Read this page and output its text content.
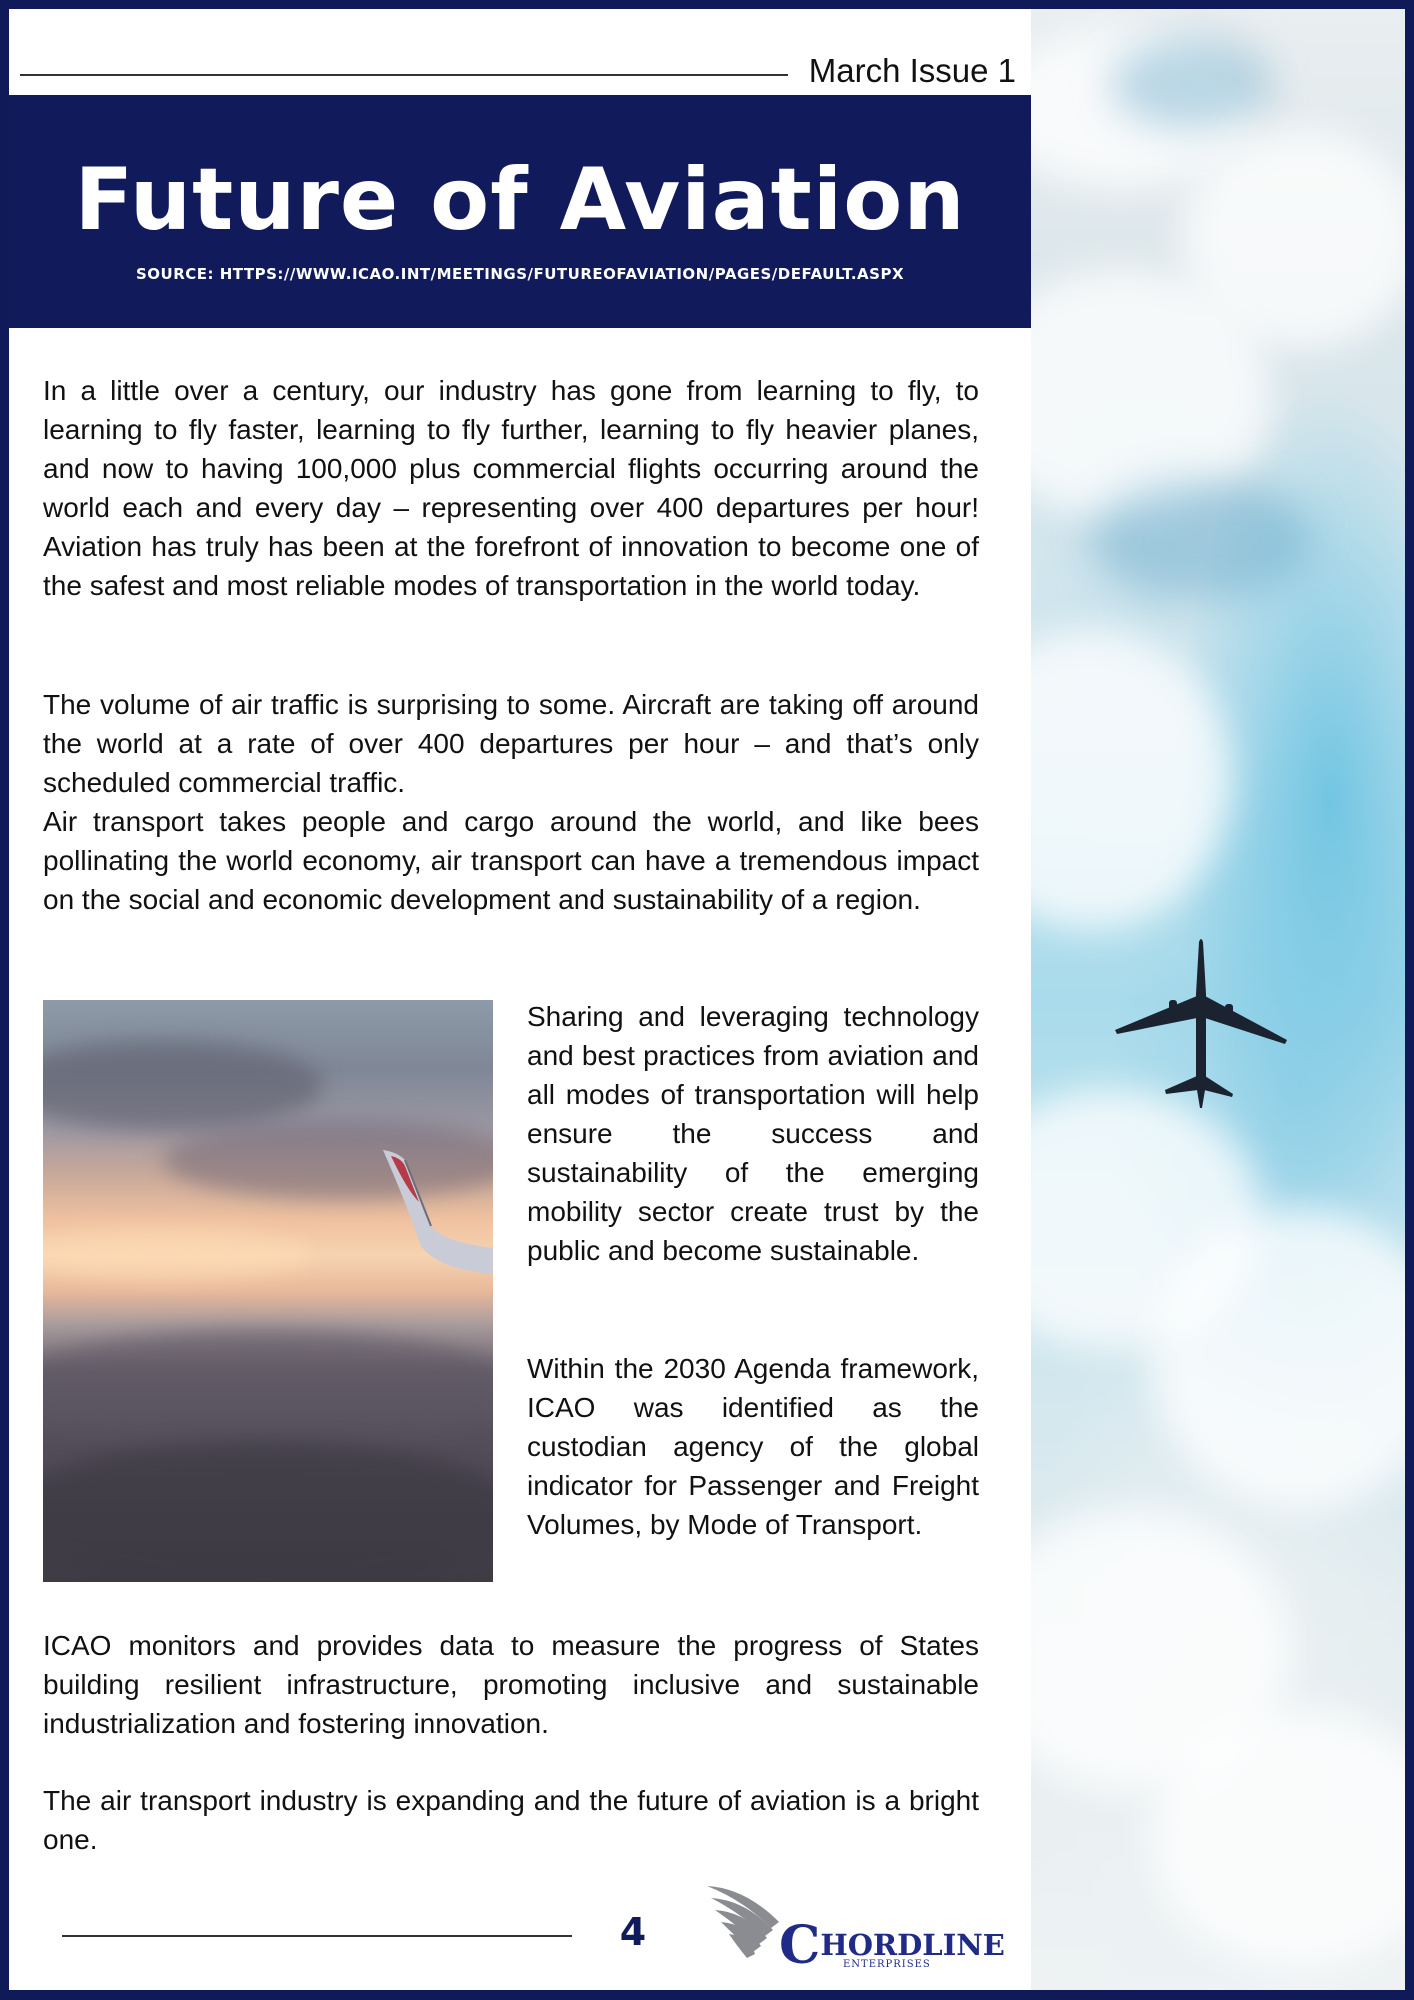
March Issue 1
Future of Aviation
SOURCE: HTTPS://WWW.ICAO.INT/MEETINGS/FUTUREOFAVIATION/PAGES/DEFAULT.ASPX

In a little over a century, our industry has gone from learning to fly, to learning to fly faster, learning to fly further, learning to fly heavier planes, and now to having 100,000 plus commercial flights occurring around the world each and every day – representing over 400 departures per hour! Aviation has truly has been at the forefront of innovation to become one of the safest and most reliable modes of transportation in the world today.

The volume of air traffic is surprising to some. Aircraft are taking off around the world at a rate of over 400 departures per hour – and that’s only scheduled commercial traffic.

Air transport takes people and cargo around the world, and like bees pollinating the world economy, air transport can have a tremendous impact on the social and economic development and sustainability of a region.

Sharing and leveraging technology and best practices from aviation and all modes of transportation will help ensure the success and sustainability of the emerging mobility sector create trust by the public and become sustainable.

Within the 2030 Agenda framework, ICAO was identified as the custodian agency of the global indicator for Passenger and Freight Volumes, by Mode of Transport.

ICAO monitors and provides data to measure the progress of States building resilient infrastructure, promoting inclusive and sustainable industrialization and fostering innovation.

The air transport industry is expanding and the future of aviation is a bright one.

4	CHORDLINE
ENTERPRISES
